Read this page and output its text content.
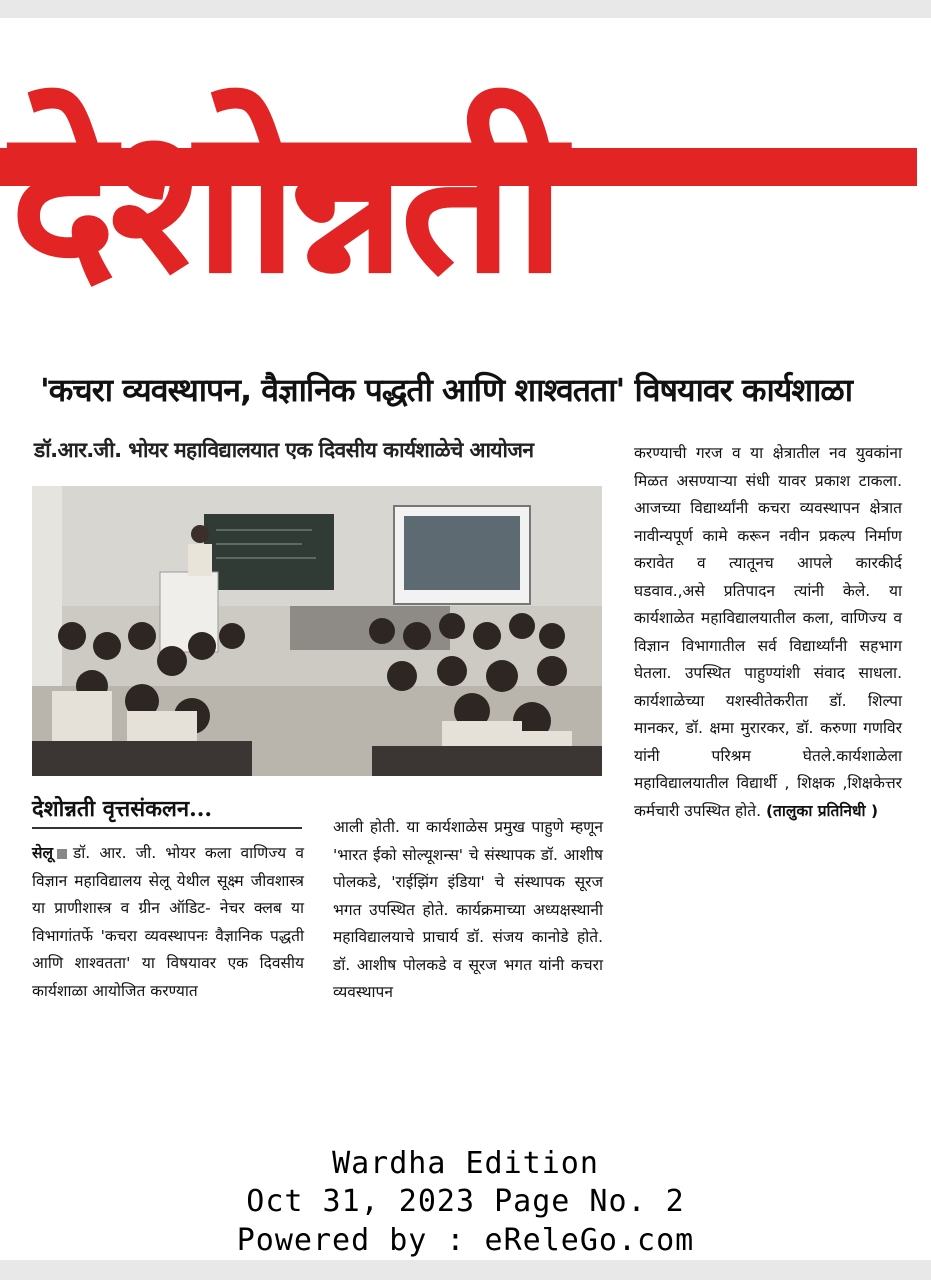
देशोन्नती
'कचरा व्यवस्थापन, वैज्ञानिक पद्धती आणि शाश्वतता' विषयावर कार्यशाळा
डॉ.आर.जी. भोयर महाविद्यालयात एक दिवसीय कार्यशाळेचे आयोजन
देशोन्नती वृत्तसंकलन...
सेलू डॉ. आर. जी. भोयर कला वाणिज्य व विज्ञान महाविद्यालय सेलू येथील सूक्ष्म जीवशास्त्र या प्राणीशास्त्र व ग्रीन ऑडिट- नेचर क्लब या विभागांतर्फे 'कचरा व्यवस्थापनः वैज्ञानिक पद्धती आणि शाश्वतता' या विषयावर एक दिवसीय कार्यशाळा आयोजित करण्यात
आली होती. या कार्यशाळेस प्रमुख पाहुणे म्हणून 'भारत ईको सोल्यूशन्स' चे संस्थापक डॉ. आशीष पोलकडे, 'राईझिंग इंडिया' चे संस्थापक सूरज भगत उपस्थित होते. कार्यक्रमाच्या अध्यक्षस्थानी महाविद्यालयाचे प्राचार्य डॉ. संजय कानोडे होते. डॉ. आशीष पोलकडे व सूरज भगत यांनी कचरा व्यवस्थापन
करण्याची गरज व या क्षेत्रातील नव युवकांना मिळत असण्याऱ्या संधी यावर प्रकाश टाकला. आजच्या विद्यार्थ्यांनी कचरा व्यवस्थापन क्षेत्रात नावीन्यपूर्ण कामे करून नवीन प्रकल्प निर्माण करावेत व त्यातूनच आपले कारकीर्द घडवाव.,असे प्रतिपादन त्यांनी केले. या कार्यशाळेत महाविद्यालयातील कला, वाणिज्य व विज्ञान विभागातील सर्व विद्यार्थ्यांनी सहभाग घेतला. उपस्थित पाहुण्यांशी संवाद साधला. कार्यशाळेच्या यशस्वीतेकरीता डॉ. शिल्पा मानकर, डॉ. क्षमा मुरारकर, डॉ. करुणा गणविर यांनी परिश्रम घेतले.कार्यशाळेला महाविद्यालयातील विद्यार्थी , शिक्षक ,शिक्षकेत्तर कर्मचारी उपस्थित होते. (तालुका प्रतिनिधी )
Wardha Edition
Oct 31, 2023 Page No. 2
Powered by : eReleGo.com
